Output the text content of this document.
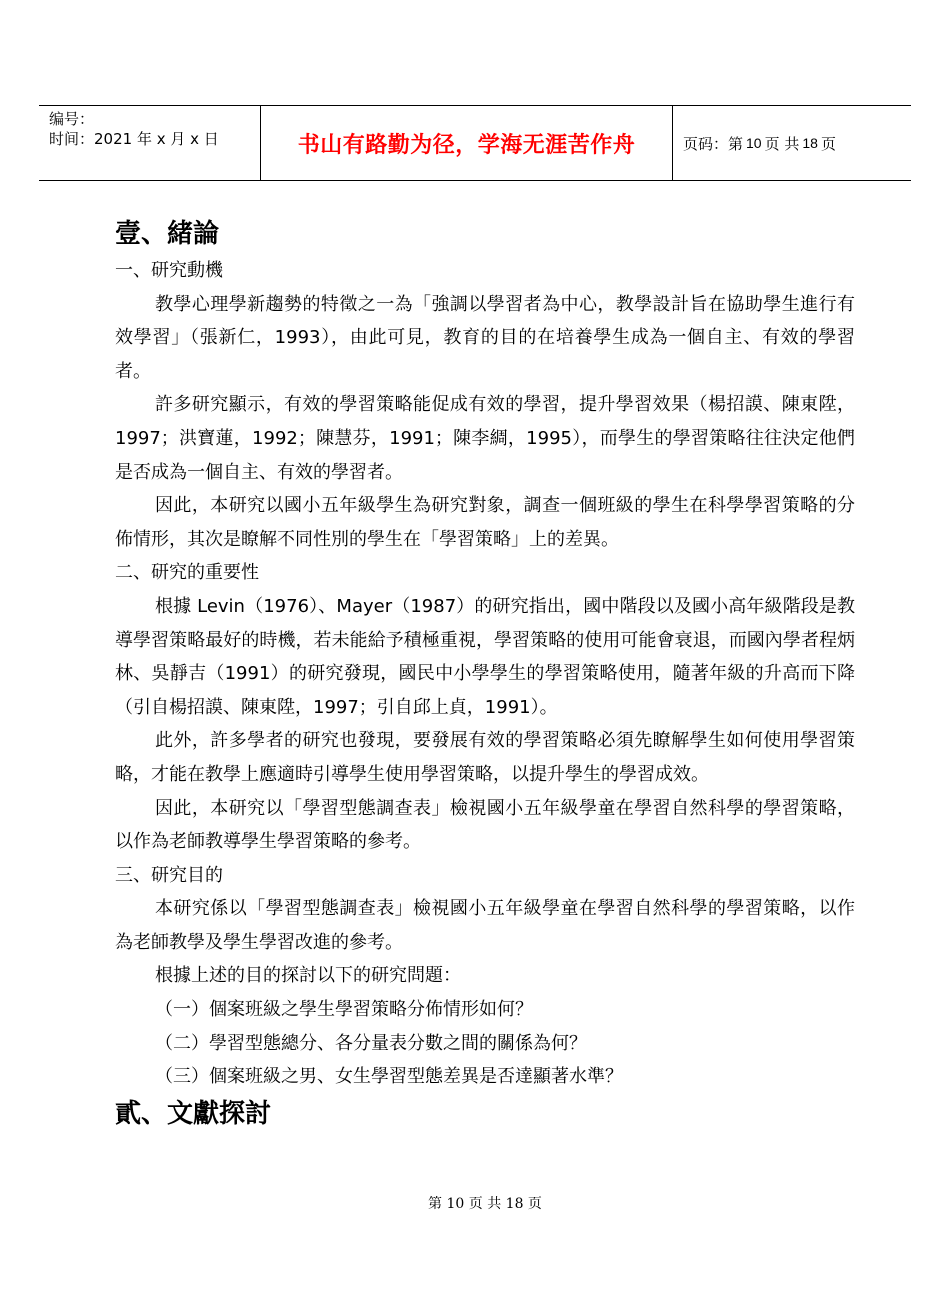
编号：
时间：2021 年 x 月 x 日	书山有路勤为径，学海无涯苦作舟	页码：第 10 页 共 18 页
壹、緒論
一、研究動機

教學心理學新趨勢的特徵之一為「強調以學習者為中心，教學設計旨在協助學生進行有效學習」（張新仁，1993），由此可見，教育的目的在培養學生成為一個自主、有效的學習者。

許多研究顯示，有效的學習策略能促成有效的學習，提升學習效果（楊招謨、陳東陞，1997；洪寶蓮，1992；陳慧芬，1991；陳李綢，1995），而學生的學習策略往往決定他們是否成為一個自主、有效的學習者。

因此，本研究以國小五年級學生為研究對象，調查一個班級的學生在科學學習策略的分佈情形，其次是瞭解不同性別的學生在「學習策略」上的差異。

二、研究的重要性

根據 Levin（1976）、Mayer（1987）的研究指出，國中階段以及國小高年級階段是教導學習策略最好的時機，若未能給予積極重視，學習策略的使用可能會衰退，而國內學者程炳林、吳靜吉（1991）的研究發現，國民中小學學生的學習策略使用，隨著年級的升高而下降（引自楊招謨、陳東陞，1997；引自邱上貞，1991）。

此外，許多學者的研究也發現，要發展有效的學習策略必須先瞭解學生如何使用學習策略，才能在教學上應適時引導學生使用學習策略，以提升學生的學習成效。

因此，本研究以「學習型態調查表」檢視國小五年級學童在學習自然科學的學習策略，以作為老師教導學生學習策略的參考。

三、研究目的

本研究係以「學習型態調查表」檢視國小五年級學童在學習自然科學的學習策略，以作為老師教學及學生學習改進的參考。

根據上述的目的探討以下的研究問題：

（一）個案班級之學生學習策略分佈情形如何？
（二）學習型態總分、各分量表分數之間的關係為何？
（三）個案班級之男、女生學習型態差異是否達顯著水準？
貳、文獻探討
第 10 页 共 18 页
